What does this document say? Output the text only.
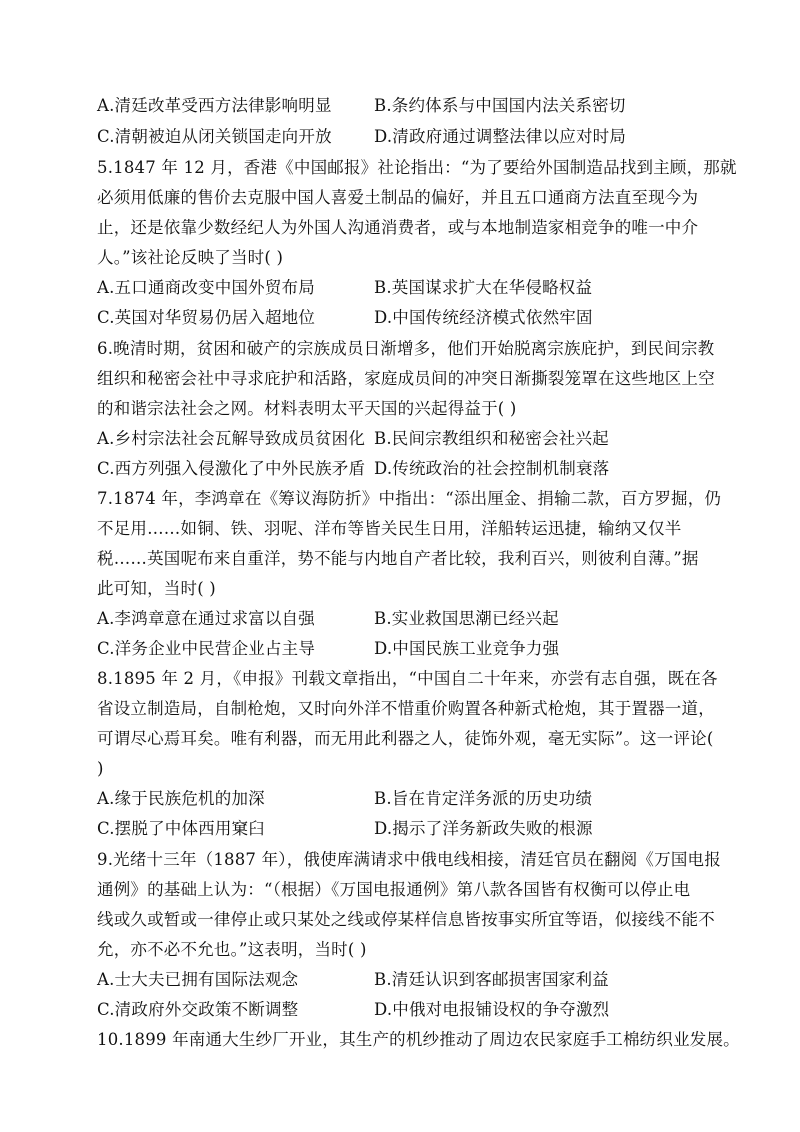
A.清廷改革受西方法律影响明显	B.条约体系与中国国内法关系密切
C.清朝被迫从闭关锁国走向开放	D.清政府通过调整法律以应对时局
5.1847 年 12 月，香港《中国邮报》社论指出：“为了要给外国制造品找到主顾，那就
必须用低廉的售价去克服中国人喜爱土制品的偏好，并且五口通商方法直至现今为
止，还是依靠少数经纪人为外国人沟通消费者，或与本地制造家相竞争的唯一中介
人。”该社论反映了当时( )
A.五口通商改变中国外贸布局	B.英国谋求扩大在华侵略权益
C.英国对华贸易仍居入超地位	D.中国传统经济模式依然牢固
6.晚清时期，贫困和破产的宗族成员日渐增多，他们开始脱离宗族庇护，到民间宗教
组织和秘密会社中寻求庇护和活路，家庭成员间的冲突日渐撕裂笼罩在这些地区上空
的和谐宗法社会之网。材料表明太平天国的兴起得益于( )
A.乡村宗法社会瓦解导致成员贫困化 B.民间宗教组织和秘密会社兴起
C.西方列强入侵激化了中外民族矛盾 D.传统政治的社会控制机制衰落
7.1874 年，李鸿章在《筹议海防折》中指出：“添出厘金、捐输二款，百方罗掘，仍
不足用……如铜、铁、羽呢、洋布等皆关民生日用，洋船转运迅捷，输纳又仅半
税……英国呢布来自重洋，势不能与内地自产者比较，我利百兴，则彼利自薄。”据
此可知，当时( )
A.李鸿章意在通过求富以自强	B.实业救国思潮已经兴起
C.洋务企业中民营企业占主导	D.中国民族工业竞争力强
8.1895 年 2 月，《申报》刊载文章指出，“中国自二十年来，亦尝有志自强，既在各
省设立制造局，自制枪炮，又时向外洋不惜重价购置各种新式枪炮，其于置器一道，
可谓尽心焉耳矣。唯有利器，而无用此利器之人，徒饰外观，毫无实际”。这一评论(
)
A.缘于民族危机的加深	B.旨在肯定洋务派的历史功绩
C.摆脱了中体西用窠臼	D.揭示了洋务新政失败的根源
9.光绪十三年（1887 年），俄使库满请求中俄电线相接，清廷官员在翻阅《万国电报
通例》的基础上认为：“（根据）《万国电报通例》第八款各国皆有权衡可以停止电
线或久或暂或一律停止或只某处之线或停某样信息皆按事实所宜等语，似接线不能不
允，亦不必不允也。”这表明，当时( )
A.士大夫已拥有国际法观念	B.清廷认识到客邮损害国家利益
C.清政府外交政策不断调整	D.中俄对电报铺设权的争夺激烈
10.1899 年南通大生纱厂开业，其生产的机纱推动了周边农民家庭手工棉纺织业发展。
